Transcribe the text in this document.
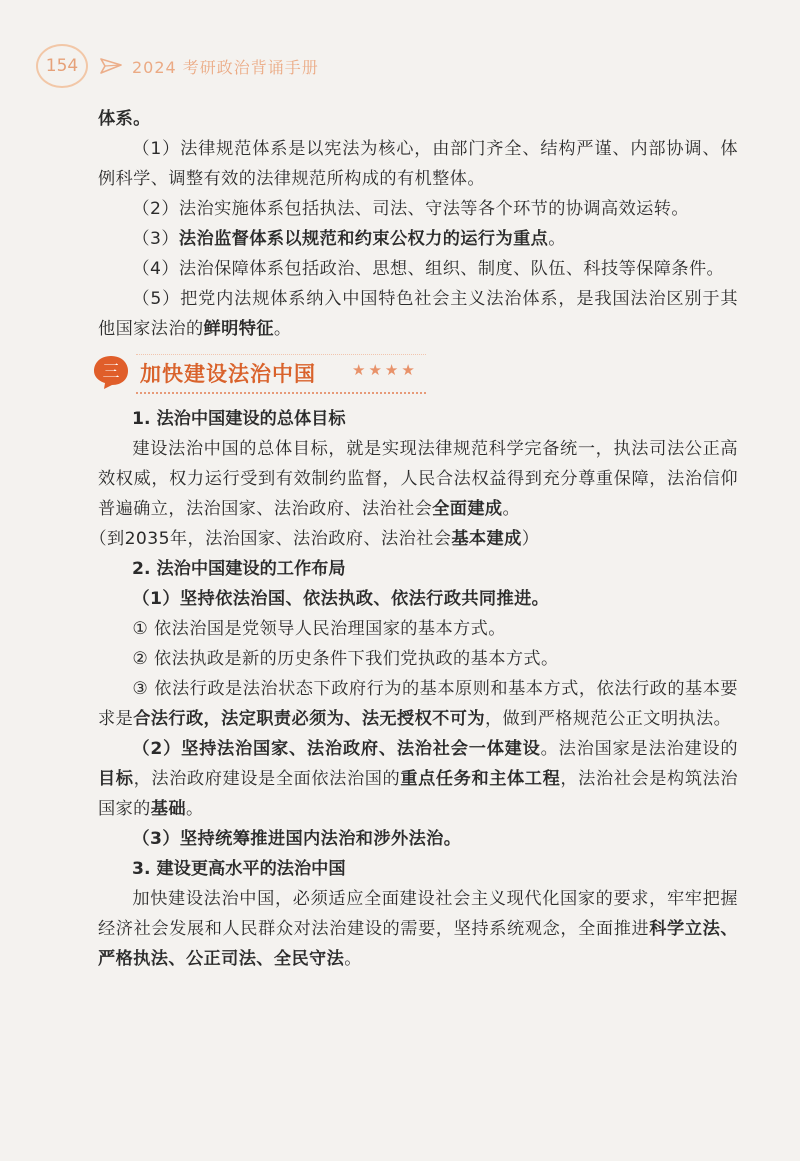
154	2024 考研政治背诵手册

体系。

（1）法律规范体系是以宪法为核心，由部门齐全、结构严谨、内部协调、体例科学、调整有效的法律规范所构成的有机整体。

（2）法治实施体系包括执法、司法、守法等各个环节的协调高效运转。

（3）法治监督体系以规范和约束公权力的运行为重点。

（4）法治保障体系包括政治、思想、组织、制度、队伍、科技等保障条件。

（5）把党内法规体系纳入中国特色社会主义法治体系，是我国法治区别于其他国家法治的鲜明特征。

三 加快建设法治中国 ★★★★

1. 法治中国建设的总体目标

建设法治中国的总体目标，就是实现法律规范科学完备统一，执法司法公正高效权威，权力运行受到有效制约监督，人民合法权益得到充分尊重保障，法治信仰普遍确立，法治国家、法治政府、法治社会全面建成。

（到2035年，法治国家、法治政府、法治社会基本建成）

2. 法治中国建设的工作布局

（1）坚持依法治国、依法执政、依法行政共同推进。

① 依法治国是党领导人民治理国家的基本方式。

② 依法执政是新的历史条件下我们党执政的基本方式。

③ 依法行政是法治状态下政府行为的基本原则和基本方式，依法行政的基本要求是合法行政，法定职责必须为、法无授权不可为，做到严格规范公正文明执法。

（2）坚持法治国家、法治政府、法治社会一体建设。法治国家是法治建设的目标，法治政府建设是全面依法治国的重点任务和主体工程，法治社会是构筑法治国家的基础。

（3）坚持统筹推进国内法治和涉外法治。

3. 建设更高水平的法治中国

加快建设法治中国，必须适应全面建设社会主义现代化国家的要求，牢牢把握经济社会发展和人民群众对法治建设的需要，坚持系统观念，全面推进科学立法、严格执法、公正司法、全民守法。
